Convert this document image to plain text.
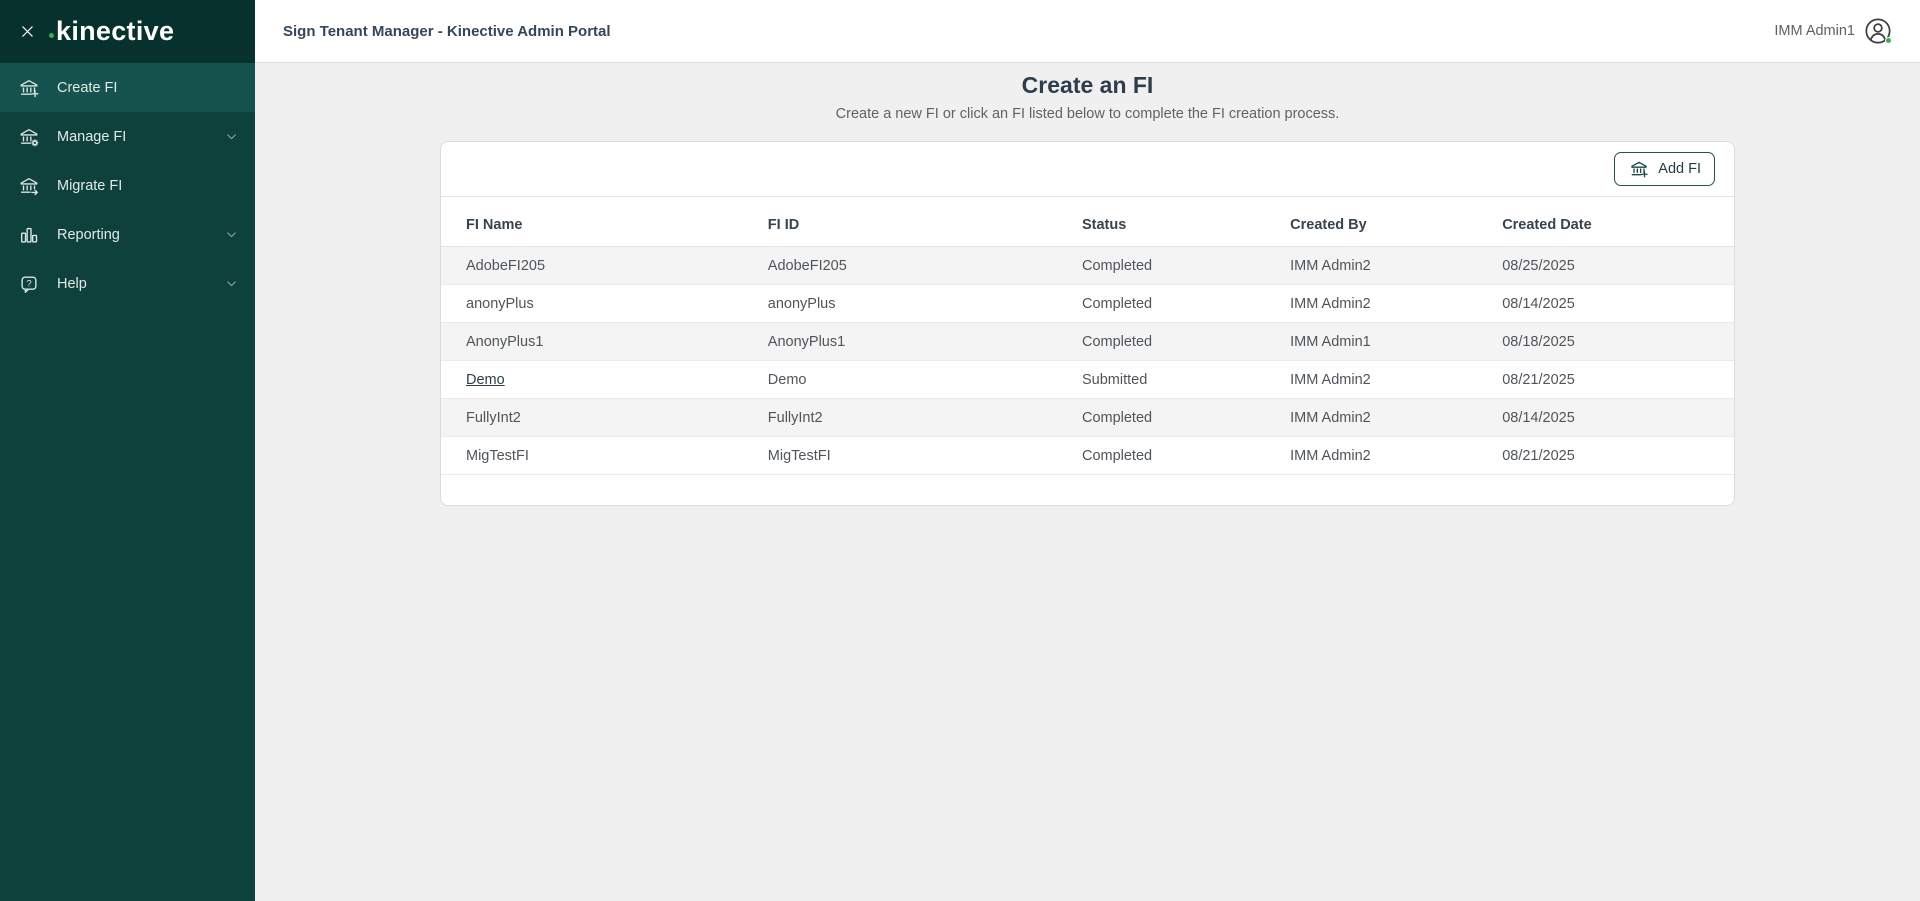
kinective
Create FI
Manage FI
Migrate FI
Reporting
? Help
Sign Tenant Manager - Kinective Admin Portal	IMM Admin1
Create an FI

Create a new FI or click an FI listed below to complete the FI creation process.

Add FI
FI Name	FI ID	Status	Created By	Created Date
AdobeFI205	AdobeFI205	Completed	IMM Admin2	08/25/2025
anonyPlus	anonyPlus	Completed	IMM Admin2	08/14/2025
AnonyPlus1	AnonyPlus1	Completed	IMM Admin1	08/18/2025
Demo	Demo	Submitted	IMM Admin2	08/21/2025
FullyInt2	FullyInt2	Completed	IMM Admin2	08/14/2025
MigTestFI	MigTestFI	Completed	IMM Admin2	08/21/2025
